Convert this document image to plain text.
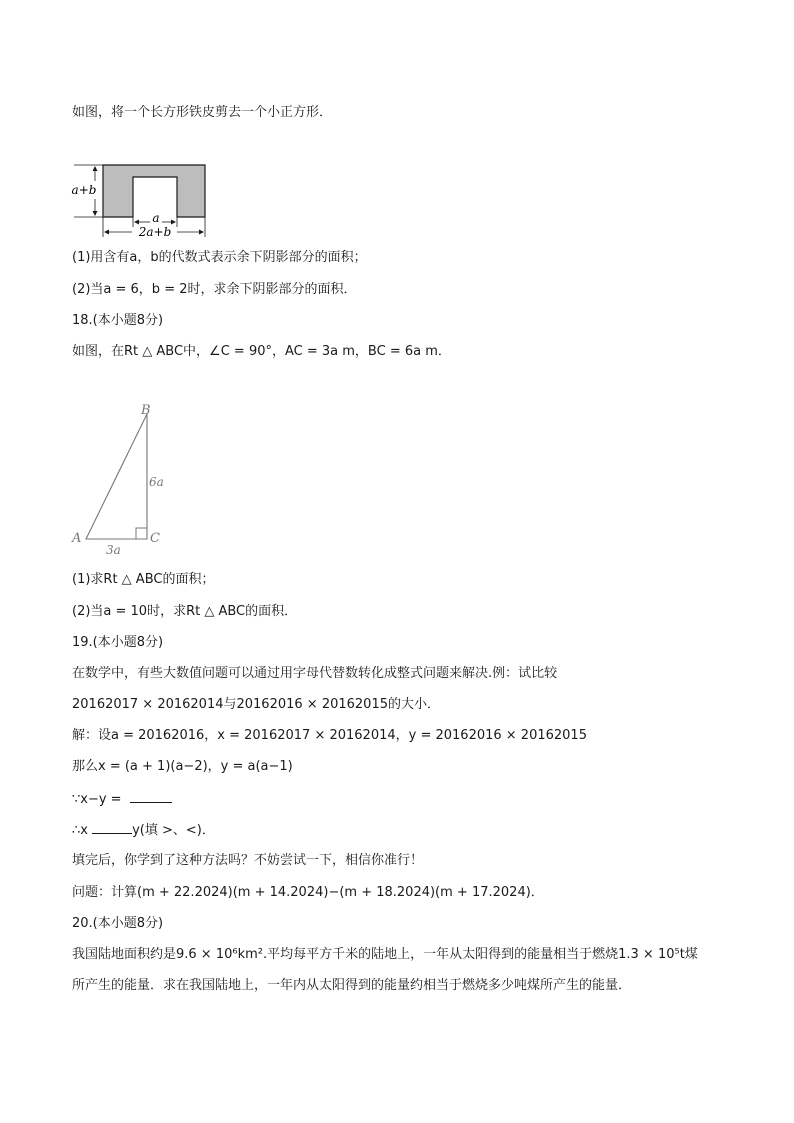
如图，将一个长方形铁皮剪去一个小正方形．
a+b
a
2a+b
(1)用含有a，b的代数式表示余下阴影部分的面积；
(2)当a = 6，b = 2时，求余下阴影部分的面积．
18.(本小题8分)
如图，在Rt △ ABC中，∠C = 90°，AC = 3a m，BC = 6a m．
B
A	C
6a
3a
(1)求Rt △ ABC的面积；
(2)当a = 10时，求Rt △ ABC的面积．
19.(本小题8分)
在数学中，有些大数值问题可以通过用字母代替数转化成整式问题来解决.例：试比较
20162017 × 20162014与20162016 × 20162015的大小．
解：设a = 20162016，x = 20162017 × 20162014，y = 20162016 × 20162015
那么x = (a + 1)(a−2)，y = a(a−1)
∵x−y =
∴x	y(填 >、<)．
填完后，你学到了这种方法吗？不妨尝试一下，相信你准行！
问题：计算(m + 22.2024)(m + 14.2024)−(m + 18.2024)(m + 17.2024)．
20.(本小题8分)
我国陆地面积约是9.6 × 10⁶km².平均每平方千米的陆地上，一年从太阳得到的能量相当于燃烧1.3 × 10⁵t煤
所产生的能量．求在我国陆地上，一年内从太阳得到的能量约相当于燃烧多少吨煤所产生的能量．
